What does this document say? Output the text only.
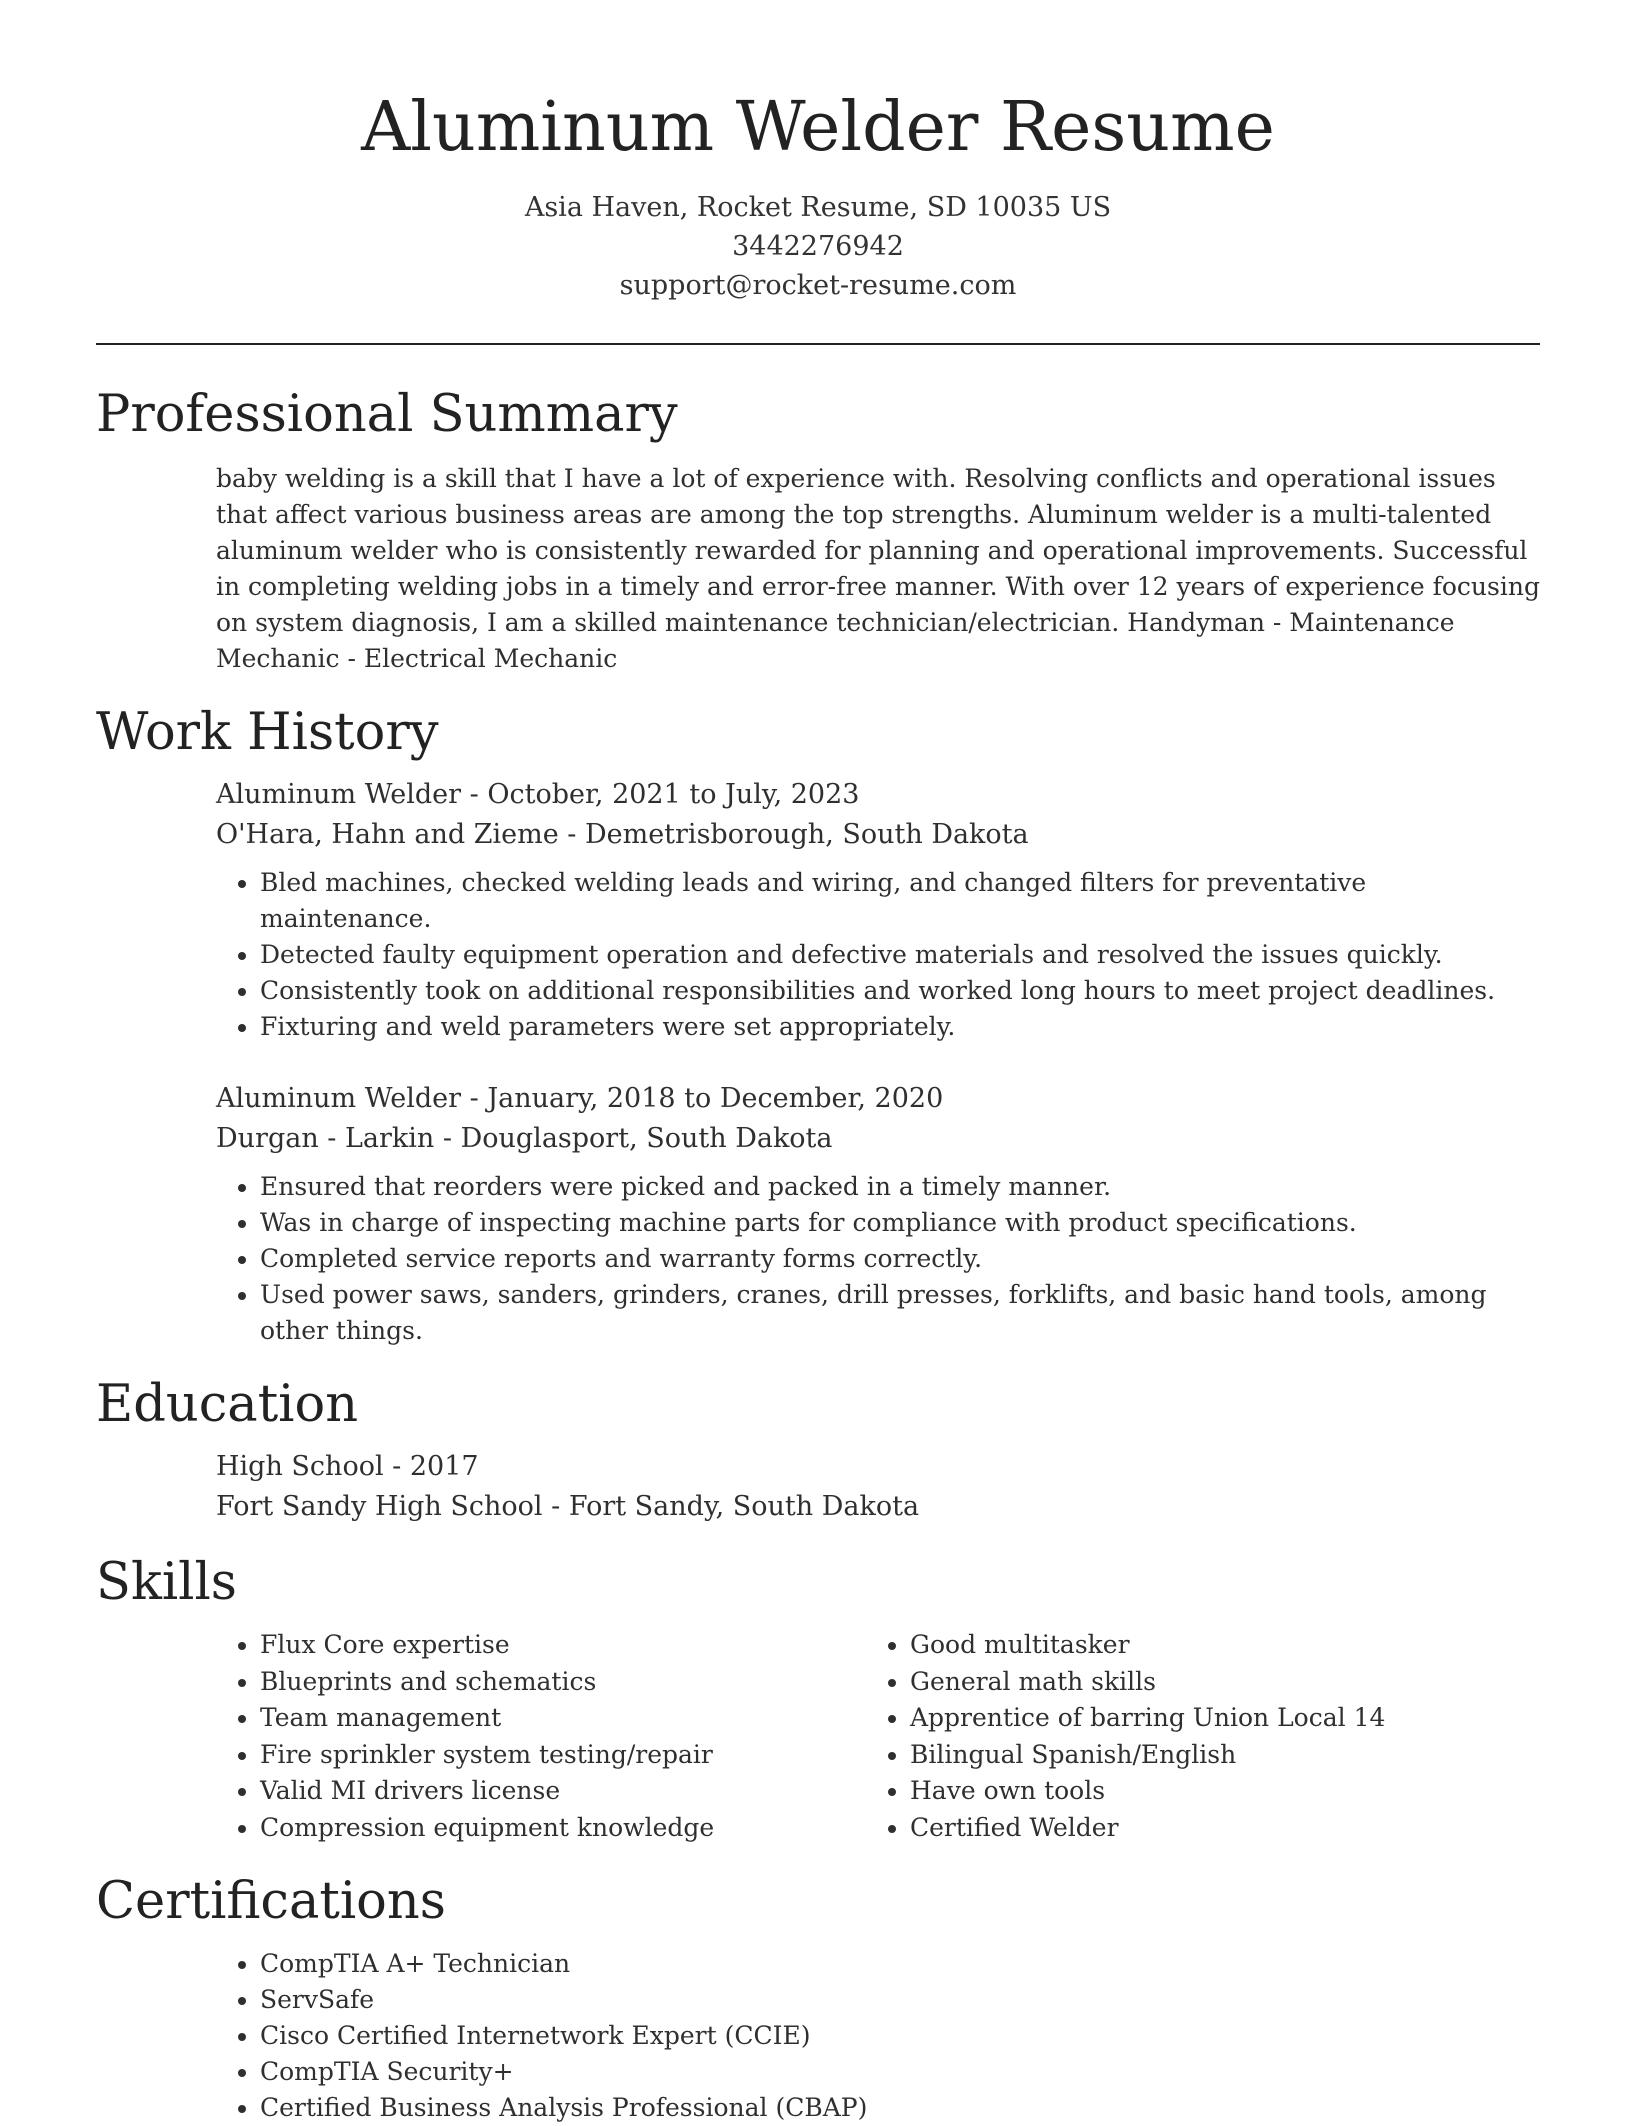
Aluminum Welder Resume
Asia Haven, Rocket Resume, SD 10035 US
3442276942
support@rocket-resume.com
Professional Summary

baby welding is a skill that I have a lot of experience with. Resolving conflicts and operational issues that affect various business areas are among the top strengths. Aluminum welder is a multi-talented aluminum welder who is consistently rewarded for planning and operational improvements. Successful in completing welding jobs in a timely and error-free manner. With over 12 years of experience focusing on system diagnosis, I am a skilled maintenance technician/electrician. Handyman - Maintenance Mechanic - Electrical Mechanic

Work History

Aluminum Welder - October, 2021 to July, 2023

O'Hara, Hahn and Zieme - Demetrisborough, South Dakota

• Bled machines, checked welding leads and wiring, and changed filters for preventative maintenance.
• Detected faulty equipment operation and defective materials and resolved the issues quickly.
• Consistently took on additional responsibilities and worked long hours to meet project deadlines.
• Fixturing and weld parameters were set appropriately.

Aluminum Welder - January, 2018 to December, 2020

Durgan - Larkin - Douglasport, South Dakota

• Ensured that reorders were picked and packed in a timely manner.
• Was in charge of inspecting machine parts for compliance with product specifications.
• Completed service reports and warranty forms correctly.
• Used power saws, sanders, grinders, cranes, drill presses, forklifts, and basic hand tools, among other things.
Education

High School - 2017

Fort Sandy High School - Fort Sandy, South Dakota

Skills
• Flux Core expertise
• Blueprints and schematics
• Team management
• Fire sprinkler system testing/repair
• Valid MI drivers license
• Compression equipment knowledge
• Good multitasker
• General math skills
• Apprentice of barring Union Local 14
• Bilingual Spanish/English
• Have own tools
• Certified Welder
Certifications
• CompTIA A+ Technician
• ServSafe
• Cisco Certified Internetwork Expert (CCIE)
• CompTIA Security+
• Certified Business Analysis Professional (CBAP)
